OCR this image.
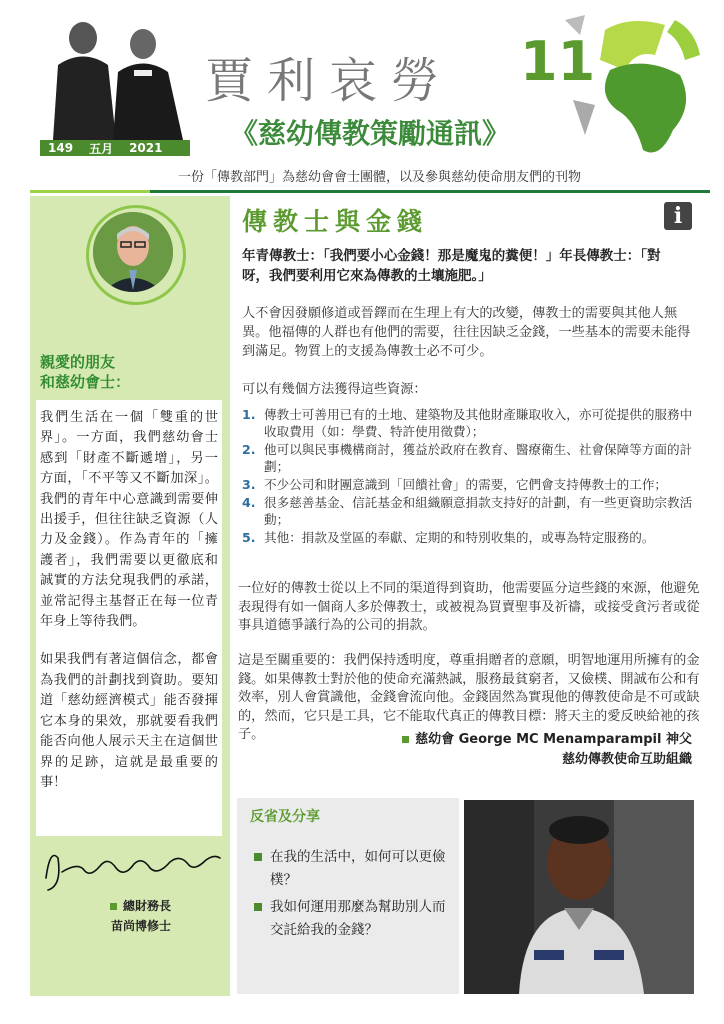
賈利哀勞 11
《慈幼傳教策勵通訊》
149	五月	2021
一份「傳教部門」為慈幼會會士團體，以及參與慈幼使命朋友們的刊物
親愛的朋友
和慈幼會士：

我們生活在一個「雙重的世界」。一方面，我們慈幼會士感到「財產不斷遞增」，另一方面，「不平等又不斷加深」。我們的青年中心意識到需要伸出援手，但往往缺乏資源（人力及金錢）。作為青年的「擁護者」，我們需要以更徹底和誠實的方法兌現我們的承諾，並常記得主基督正在每一位青年身上等待我們。

如果我們有著這個信念，都會為我們的計劃找到資助。要知道「慈幼經濟模式」能否發揮它本身的果效，那就要看我們能否向他人展示天主在這個世界的足跡，這就是最重要的事！

總財務長
苗尚博修士
傳教士與金錢	i
年青傳教士：「我們要小心金錢！那是魔鬼的糞便！」年長傳教士：「對呀，我們要利用它來為傳教的土壤施肥。」
人不會因發願修道或晉鐸而在生理上有大的改變，傳教士的需要與其他人無異。他福傳的人群也有他們的需要，往往因缺乏金錢，一些基本的需要未能得到滿足。物質上的支援為傳教士必不可少。
可以有幾個方法獲得這些資源：
1. 傳教士可善用已有的土地、建築物及其他財產賺取收入，亦可從提供的服務中收取費用（如：學費、特許使用徵費）；
2. 他可以與民事機構商討，獲益於政府在教育、醫療衛生、社會保障等方面的計劃；
3. 不少公司和財團意識到「回饋社會」的需要，它們會支持傳教士的工作；
4. 很多慈善基金、信託基金和組織願意捐款支持好的計劃，有一些更資助宗教活動；
5. 其他：捐款及堂區的奉獻、定期的和特別收集的，或專為特定服務的。
一位好的傳教士從以上不同的渠道得到資助，他需要區分這些錢的來源，他避免表現得有如一個商人多於傳教士，或被視為買賣聖事及祈禱，或接受貪污者或從事具道德爭議行為的公司的捐款。
這是至關重要的：我們保持透明度，尊重捐贈者的意願，明智地運用所擁有的金錢。如果傳教士對於他的使命充滿熱誠，服務最貧窮者，又儉樸、開誠布公和有效率，別人會賞識他，金錢會流向他。金錢固然為實現他的傳教使命是不可或缺的，然而，它只是工具，它不能取代真正的傳教目標：將天主的愛反映給祂的孩子。	慈幼會 George MC Menamparampil 神父
慈幼傳教使命互助組織
反省及分享
在我的生活中，如何可以更儉樸？
我如何運用那麼為幫助別人而交託給我的金錢？
